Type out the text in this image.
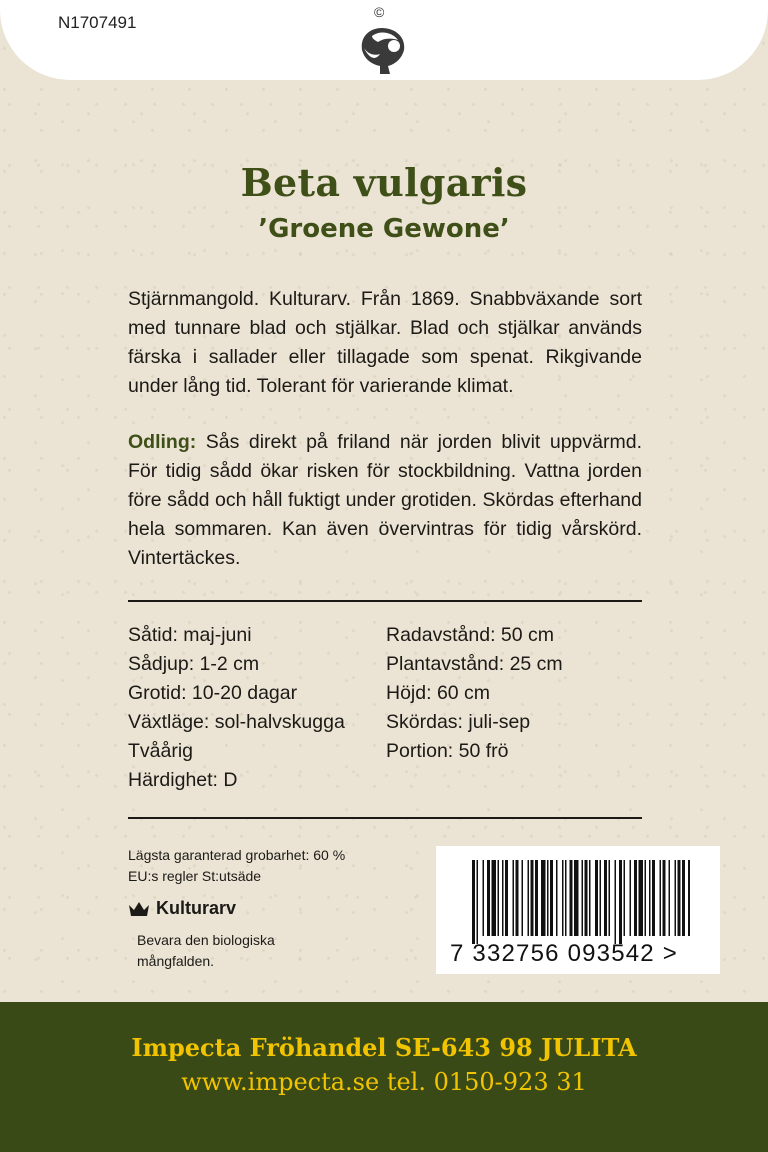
N1707491
©
Beta vulgaris
’Groene Gewone’
Stjärnmangold. Kulturarv. Från 1869. Snabbväxande sort med tunnare blad och stjälkar. Blad och stjälkar används färska i sallader eller tillagade som spenat. Rikgivande under lång tid. Tolerant för varierande klimat.
Odling: Sås direkt på friland när jorden blivit uppvärmd. För tidig sådd ökar risken för stockbildning. Vattna jorden före sådd och håll fuktigt under grotiden. Skördas efterhand hela sommaren. Kan även övervintras för tidig vårskörd. Vintertäckes.
Såtid: maj-juni
Sådjup: 1-2 cm
Grotid: 10-20 dagar
Växtläge: sol-halvskugga
Tvåårig
Härdighet: D
Radavstånd: 50 cm
Plantavstånd: 25 cm
Höjd: 60 cm
Skördas: juli-sep
Portion: 50 frö
Lägsta garanterad grobarhet: 60 %
EU:s regler St:utsäde
Kulturarv
Bevara den biologiska
mångfalden.	7 332756 093542 >
Impecta Fröhandel SE-643 98 JULITA
www.impecta.se tel. 0150-923 31
